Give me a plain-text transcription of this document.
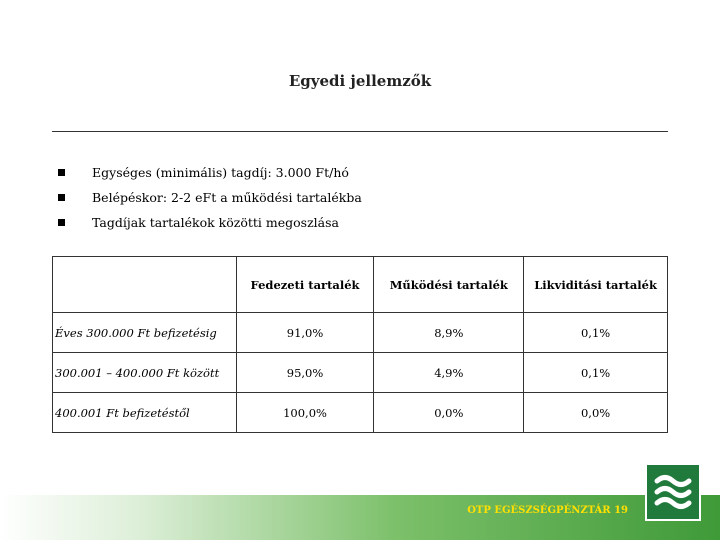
Egyedi jellemzők
Egységes (minimális) tagdíj: 3.000 Ft/hó
Belépéskor: 2-2 eFt a működési tartalékba
Tagdíjak tartalékok közötti megoszlása
	Fedezeti tartalék	Működési tartalék	Likviditási tartalék
Éves 300.000 Ft befizetésig	91,0%	8,9%	0,1%
300.001 – 400.000 Ft között	95,0%	4,9%	0,1%
400.001 Ft befizetéstől	100,0%	0,0%	0,0%
OTP EGÉSZSÉGPÉNZTÁR 19
